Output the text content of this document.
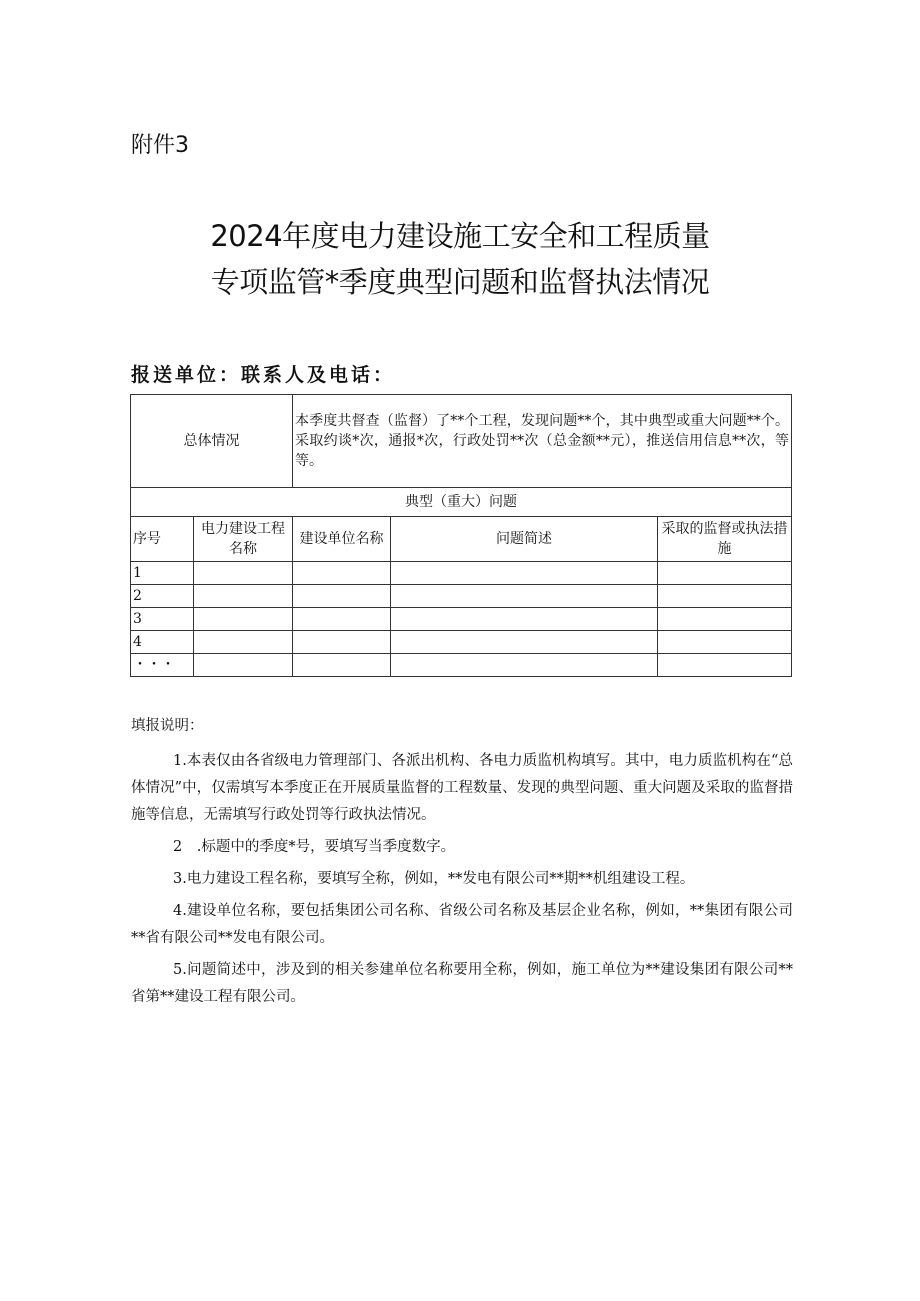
附件3
2024年度电力建设施工安全和工程质量
专项监管*季度典型问题和监督执法情况
报送单位：联系人及电话：
总体情况		本季度共督查（监督）了**个工程，发现问题**个，其中典型或重大问题**个。采取约谈*次，通报*次，行政处罚**次（总金额**元），推送信用信息**次，等等。		
典型（重大）问题				
序号	电力建设工程名称	建设单位名称	问题简述	采取的监督或执法措施
1				
2				
3				
4				
・・・				

填报说明：

1.本表仅由各省级电力管理部门、各派出机构、各电力质监机构填写。其中，电力质监机构在“总体情况”中，仅需填写本季度正在开展质量监督的工程数量、发现的典型问题、重大问题及采取的监督措施等信息，无需填写行政处罚等行政执法情况。

2　.标题中的季度*号，要填写当季度数字。

3.电力建设工程名称，要填写全称，例如，**发电有限公司**期**机组建设工程。

4.建设单位名称，要包括集团公司名称、省级公司名称及基层企业名称，例如，**集团有限公司**省有限公司**发电有限公司。

5.问题简述中，涉及到的相关参建单位名称要用全称，例如，施工单位为**建设集团有限公司**省第**建设工程有限公司。
